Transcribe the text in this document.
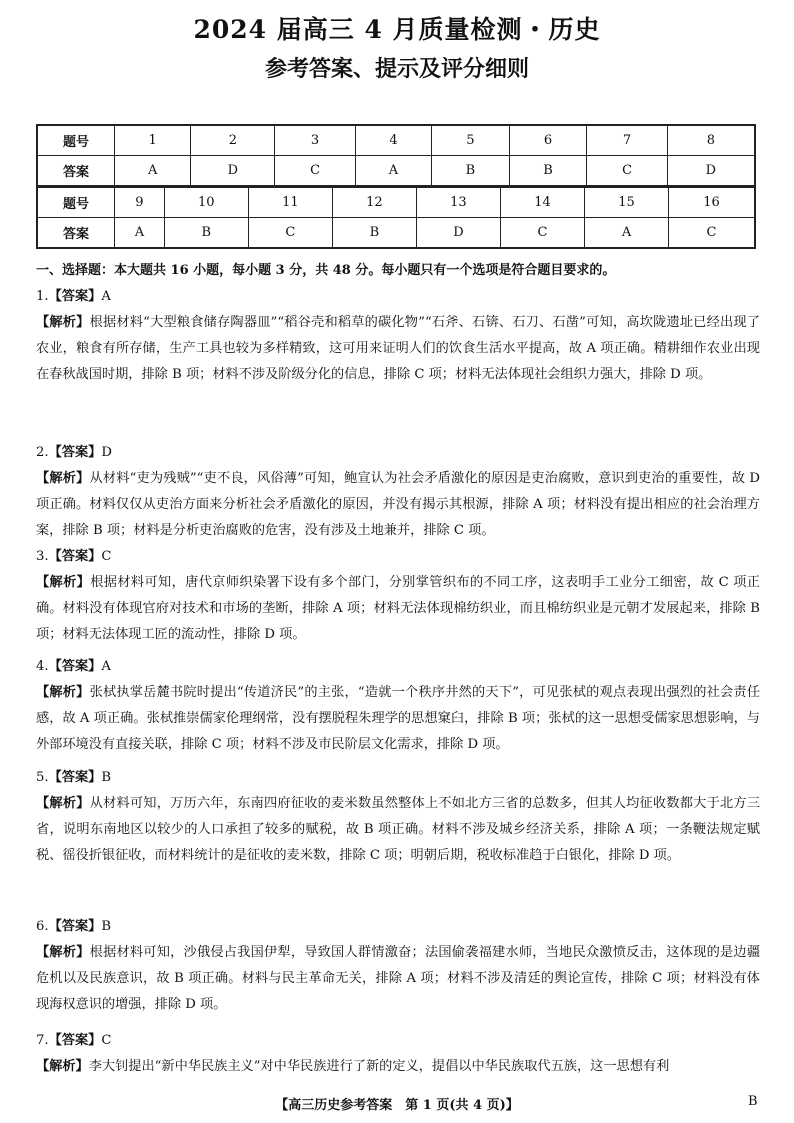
2024 届高三 4 月质量检测・历史
参考答案、提示及评分细则
题号	1	2	3	4	5	6	7	8
答案	A	D	C	A	B	B	C	D
题号	9	10	11	12	13	14	15	16
答案	A	B	C	B	D	C	A	C
一、选择题：本大题共 16 小题，每小题 3 分，共 48 分。每小题只有一个选项是符合题目要求的。
1.【答案】A
【解析】根据材料“大型粮食储存陶器皿”“稻谷壳和稻草的碳化物”“石斧、石锛、石刀、石凿”可知，高坎陇遗址已经出现了农业，粮食有所存储，生产工具也较为多样精致，这可用来证明人们的饮食生活水平提高，故 A 项正确。精耕细作农业出现在春秋战国时期，排除 B 项；材料不涉及阶级分化的信息，排除 C 项；材料无法体现社会组织力强大，排除 D 项。
2.【答案】D
【解析】从材料“吏为残贼”“吏不良，风俗薄”可知，鲍宣认为社会矛盾激化的原因是吏治腐败，意识到吏治的重要性，故 D 项正确。材料仅仅从吏治方面来分析社会矛盾激化的原因，并没有揭示其根源，排除 A 项；材料没有提出相应的社会治理方案，排除 B 项；材料是分析吏治腐败的危害，没有涉及土地兼并，排除 C 项。
3.【答案】C
【解析】根据材料可知，唐代京师织染署下设有多个部门，分别掌管织布的不同工序，这表明手工业分工细密，故 C 项正确。材料没有体现官府对技术和市场的垄断，排除 A 项；材料无法体现棉纺织业，而且棉纺织业是元朝才发展起来，排除 B 项；材料无法体现工匠的流动性，排除 D 项。
4.【答案】A
【解析】张栻执掌岳麓书院时提出“传道济民”的主张，“造就一个秩序井然的天下”，可见张栻的观点表现出强烈的社会责任感，故 A 项正确。张栻推崇儒家伦理纲常，没有摆脱程朱理学的思想窠臼，排除 B 项；张栻的这一思想受儒家思想影响，与外部环境没有直接关联，排除 C 项；材料不涉及市民阶层文化需求，排除 D 项。
5.【答案】B
【解析】从材料可知，万历六年，东南四府征收的麦米数虽然整体上不如北方三省的总数多，但其人均征收数都大于北方三省，说明东南地区以较少的人口承担了较多的赋税，故 B 项正确。材料不涉及城乡经济关系，排除 A 项；一条鞭法规定赋税、徭役折银征收，而材料统计的是征收的麦米数，排除 C 项；明朝后期，税收标准趋于白银化，排除 D 项。
6.【答案】B
【解析】根据材料可知，沙俄侵占我国伊犁，导致国人群情激奋；法国偷袭福建水师，当地民众激愤反击，这体现的是边疆危机以及民族意识，故 B 项正确。材料与民主革命无关，排除 A 项；材料不涉及清廷的舆论宣传，排除 C 项；材料没有体现海权意识的增强，排除 D 项。
7.【答案】C
【解析】李大钊提出“新中华民族主义”对中华民族进行了新的定义，提倡以中华民族取代五族，这一思想有利
【高三历史参考答案　第 1 页(共 4 页)】	B
